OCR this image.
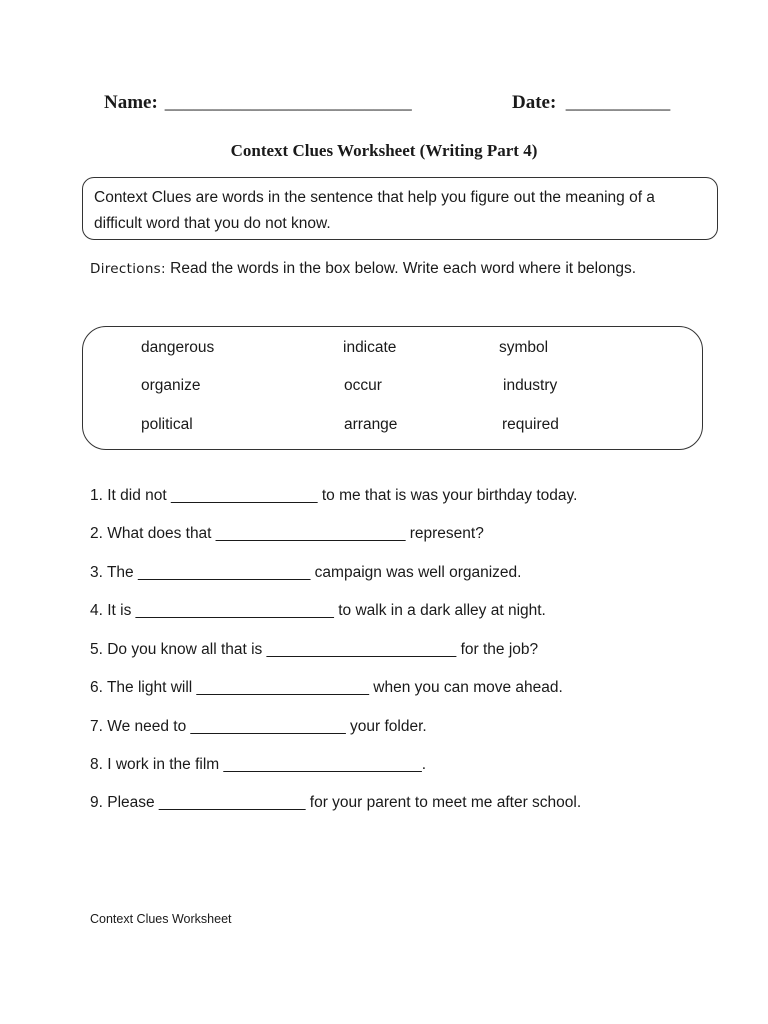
Name: __________________________	Date: ___________
Context Clues Worksheet (Writing Part 4)
Context Clues are words in the sentence that help you figure out the meaning of a difficult word that you do not know.
Directions: Read the words in the box below. Write each word where it belongs.
dangerous	indicate	symbol
organize	occur	industry
political	arrange	required
1. It did not _________________ to me that is was your birthday today.
2. What does that ______________________ represent?
3. The ____________________ campaign was well organized.
4. It is _______________________ to walk in a dark alley at night.
5. Do you know all that is ______________________ for the job?
6. The light will ____________________ when you can move ahead.
7. We need to __________________ your folder.
8. I work in the film _______________________.
9. Please _________________ for your parent to meet me after school.
Context Clues Worksheet
